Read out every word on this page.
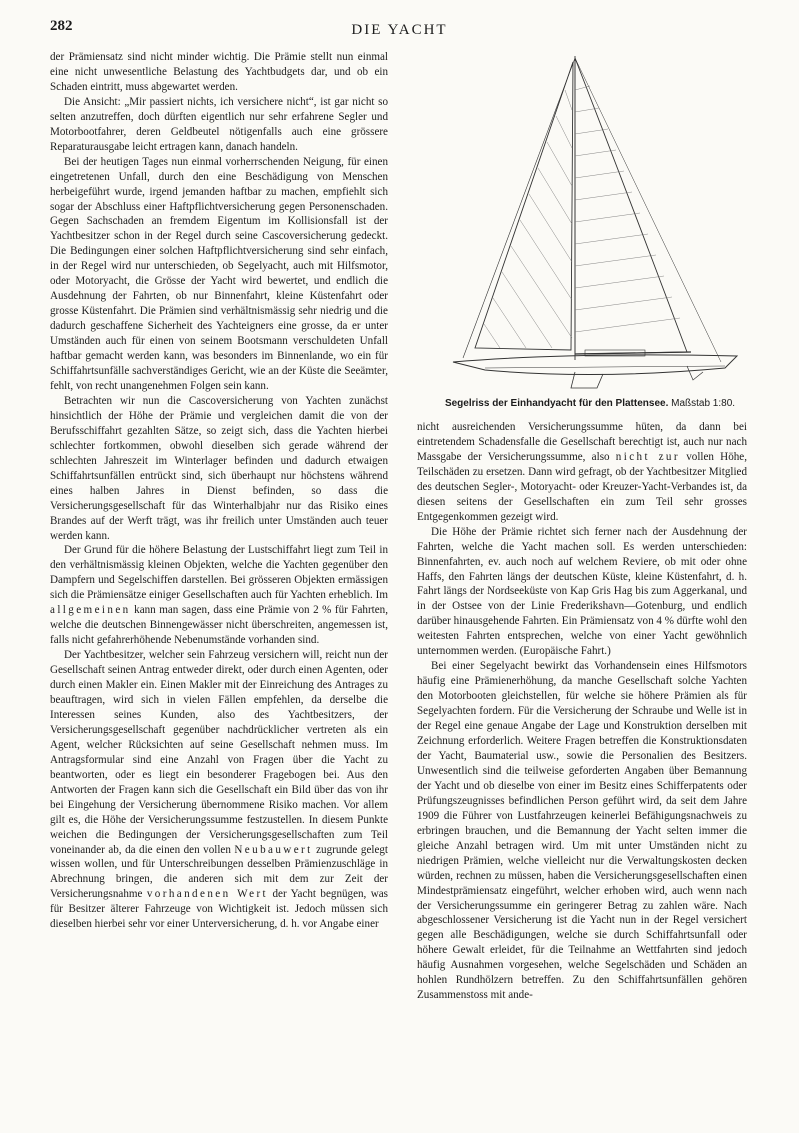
282	DIE YACHT

der Prämiensatz sind nicht minder wichtig. Die Prämie stellt nun einmal eine nicht unwesentliche Belastung des Yachtbudgets dar, und ob ein Schaden eintritt, muss abgewartet werden.

Die Ansicht: „Mir passiert nichts, ich versichere nicht“, ist gar nicht so selten anzutreffen, doch dürften eigentlich nur sehr erfahrene Segler und Motorbootfahrer, deren Geldbeutel nötigenfalls auch eine grössere Reparaturausgabe leicht ertragen kann, danach handeln.

Bei der heutigen Tages nun einmal vorherrschenden Neigung, für einen eingetretenen Unfall, durch den eine Beschädigung von Menschen herbeigeführt wurde, irgend jemanden haftbar zu machen, empfiehlt sich sogar der Abschluss einer Haftpflichtversicherung gegen Personenschaden. Gegen Sachschaden an fremdem Eigentum im Kollisionsfall ist der Yachtbesitzer schon in der Regel durch seine Cascoversicherung gedeckt. Die Bedingungen einer solchen Haftpflichtversicherung sind sehr einfach, in der Regel wird nur unterschieden, ob Segelyacht, auch mit Hilfsmotor, oder Motoryacht, die Grösse der Yacht wird bewertet, und endlich die Ausdehnung der Fahrten, ob nur Binnenfahrt, kleine Küstenfahrt oder grosse Küstenfahrt. Die Prämien sind verhältnismässig sehr niedrig und die dadurch geschaffene Sicherheit des Yachteigners eine grosse, da er unter Umständen auch für einen von seinem Bootsmann verschuldeten Unfall haftbar gemacht werden kann, was besonders im Binnenlande, wo ein für Schiffahrtsunfälle sachverständiges Gericht, wie an der Küste die Seeämter, fehlt, von recht unangenehmen Folgen sein kann.

Betrachten wir nun die Cascoversicherung von Yachten zunächst hinsichtlich der Höhe der Prämie und vergleichen damit die von der Berufsschiffahrt gezahlten Sätze, so zeigt sich, dass die Yachten hierbei schlechter fortkommen, obwohl dieselben sich gerade während der schlechten Jahreszeit im Winterlager befinden und dadurch etwaigen Schiffahrtsunfällen entrückt sind, sich überhaupt nur höchstens während eines halben Jahres in Dienst befinden, so dass die Versicherungsgesellschaft für das Winterhalbjahr nur das Risiko eines Brandes auf der Werft trägt, was ihr freilich unter Umständen auch teuer werden kann.

Der Grund für die höhere Belastung der Lustschiffahrt liegt zum Teil in den verhältnismässig kleinen Objekten, welche die Yachten gegenüber den Dampfern und Segelschiffen darstellen. Bei grösseren Objekten ermässigen sich die Prämiensätze einiger Gesellschaften auch für Yachten erheblich. Im allgemeinen kann man sagen, dass eine Prämie von 2 % für Fahrten, welche die deutschen Binnengewässer nicht überschreiten, angemessen ist, falls nicht gefahrerhöhende Nebenumstände vorhanden sind.

Der Yachtbesitzer, welcher sein Fahrzeug versichern will, reicht nun der Gesellschaft seinen Antrag entweder direkt, oder durch einen Agenten, oder durch einen Makler ein. Einen Makler mit der Einreichung des Antrages zu beauftragen, wird sich in vielen Fällen empfehlen, da derselbe die Interessen seines Kunden, also des Yachtbesitzers, der Versicherungsgesellschaft gegenüber nachdrücklicher vertreten als ein Agent, welcher Rücksichten auf seine Gesellschaft nehmen muss. Im Antragsformular sind eine Anzahl von Fragen über die Yacht zu beantworten, oder es liegt ein besonderer Fragebogen bei. Aus den Antworten der Fragen kann sich die Gesellschaft ein Bild über das von ihr bei Eingehung der Versicherung übernommene Risiko machen. Vor allem gilt es, die Höhe der Versicherungssumme festzustellen. In diesem Punkte weichen die Bedingungen der Versicherungsgesellschaften zum Teil voneinander ab, da die einen den vollen Neubauwert zugrunde gelegt wissen wollen, und für Unterschreibungen desselben Prämienzuschläge in Abrechnung bringen, die anderen sich mit dem zur Zeit der Versicherungsnahme vorhandenen Wert der Yacht begnügen, was für Besitzer älterer Fahrzeuge von Wichtigkeit ist. Jedoch müssen sich dieselben hierbei sehr vor einer Unterversicherung, d. h. vor Angabe einer

Segelriss der Einhandyacht für den Plattensee. Maßstab 1:80.

nicht ausreichenden Versicherungssumme hüten, da dann bei eintretendem Schadensfalle die Gesellschaft berechtigt ist, auch nur nach Massgabe der Versicherungssumme, also nicht zur vollen Höhe, Teilschäden zu ersetzen. Dann wird gefragt, ob der Yachtbesitzer Mitglied des deutschen Segler-, Motoryacht- oder Kreuzer-Yacht-Verbandes ist, da diesen seitens der Gesellschaften ein zum Teil sehr grosses Entgegenkommen gezeigt wird.

Die Höhe der Prämie richtet sich ferner nach der Ausdehnung der Fahrten, welche die Yacht machen soll. Es werden unterschieden: Binnenfahrten, ev. auch noch auf welchem Reviere, ob mit oder ohne Haffs, den Fahrten längs der deutschen Küste, kleine Küstenfahrt, d. h. Fahrt längs der Nordseeküste von Kap Gris Hag bis zum Aggerkanal, und in der Ostsee von der Linie Frederikshavn—Gotenburg, und endlich darüber hinausgehende Fahrten. Ein Prämiensatz von 4 % dürfte wohl den weitesten Fahrten entsprechen, welche von einer Yacht gewöhnlich unternommen werden. (Europäische Fahrt.)

Bei einer Segelyacht bewirkt das Vorhandensein eines Hilfsmotors häufig eine Prämienerhöhung, da manche Gesellschaft solche Yachten den Motorbooten gleichstellen, für welche sie höhere Prämien als für Segelyachten fordern. Für die Versicherung der Schraube und Welle ist in der Regel eine genaue Angabe der Lage und Konstruktion derselben mit Zeichnung erforderlich. Weitere Fragen betreffen die Konstruktionsdaten der Yacht, Baumaterial usw., sowie die Personalien des Besitzers. Unwesentlich sind die teilweise geforderten Angaben über Bemannung der Yacht und ob dieselbe von einer im Besitz eines Schifferpatents oder Prüfungszeugnisses befindlichen Person geführt wird, da seit dem Jahre 1909 die Führer von Lustfahrzeugen keinerlei Befähigungsnachweis zu erbringen brauchen, und die Bemannung der Yacht selten immer die gleiche Anzahl betragen wird. Um mit unter Umständen nicht zu niedrigen Prämien, welche vielleicht nur die Verwaltungskosten decken würden, rechnen zu müssen, haben die Versicherungsgesellschaften einen Mindestprämiensatz eingeführt, welcher erhoben wird, auch wenn nach der Versicherungssumme ein geringerer Betrag zu zahlen wäre. Nach abgeschlossener Versicherung ist die Yacht nun in der Regel versichert gegen alle Beschädigungen, welche sie durch Schiffahrtsunfall oder höhere Gewalt erleidet, für die Teilnahme an Wettfahrten sind jedoch häufig Ausnahmen vorgesehen, welche Segelschäden und Schäden an hohlen Rundhölzern betreffen. Zu den Schiffahrtsunfällen gehören Zusammenstoss mit ande-
